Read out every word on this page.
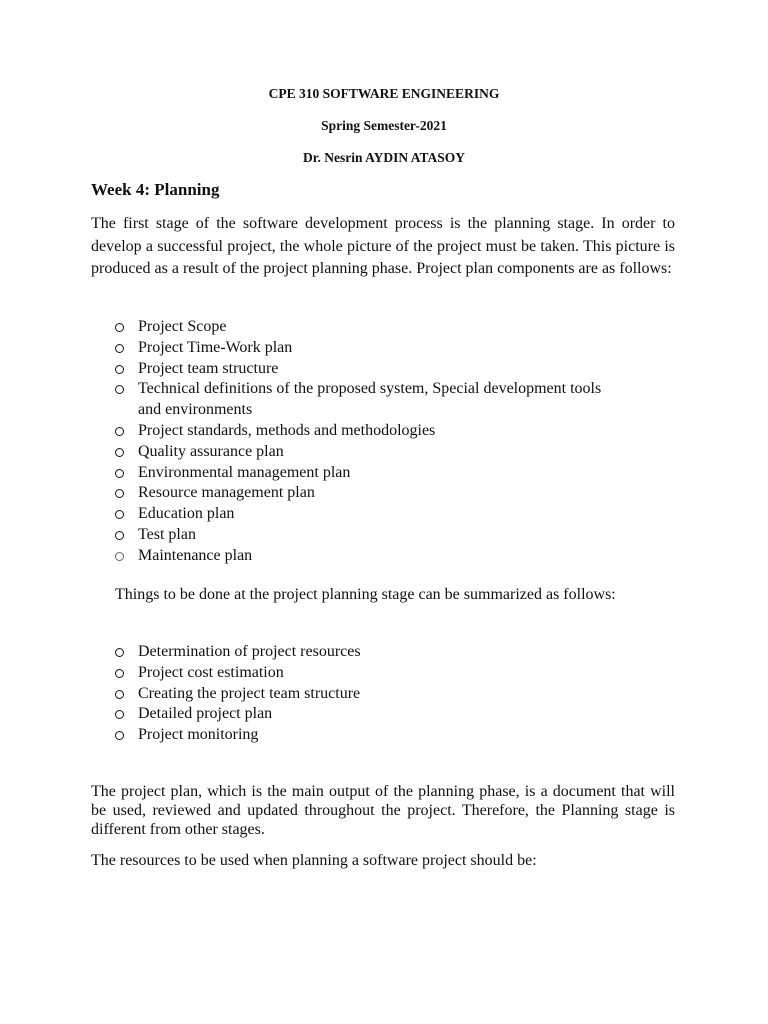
CPE 310 SOFTWARE ENGINEERING
Spring Semester-2021
Dr. Nesrin AYDIN ATASOY
Week 4: Planning
The first stage of the software development process is the planning stage. In order to develop a successful project, the whole picture of the project must be taken. This picture is produced as a result of the project planning phase. Project plan components are as follows:
Project Scope
Project Time-Work plan
Project team structure
Technical definitions of the proposed system, Special development tools and environments
Project standards, methods and methodologies
Quality assurance plan
Environmental management plan
Resource management plan
Education plan
Test plan
Maintenance plan
Things to be done at the project planning stage can be summarized as follows:
Determination of project resources
Project cost estimation
Creating the project team structure
Detailed project plan
Project monitoring
The project plan, which is the main output of the planning phase, is a document that will be used, reviewed and updated throughout the project. Therefore, the Planning stage is different from other stages.
The resources to be used when planning a software project should be:
